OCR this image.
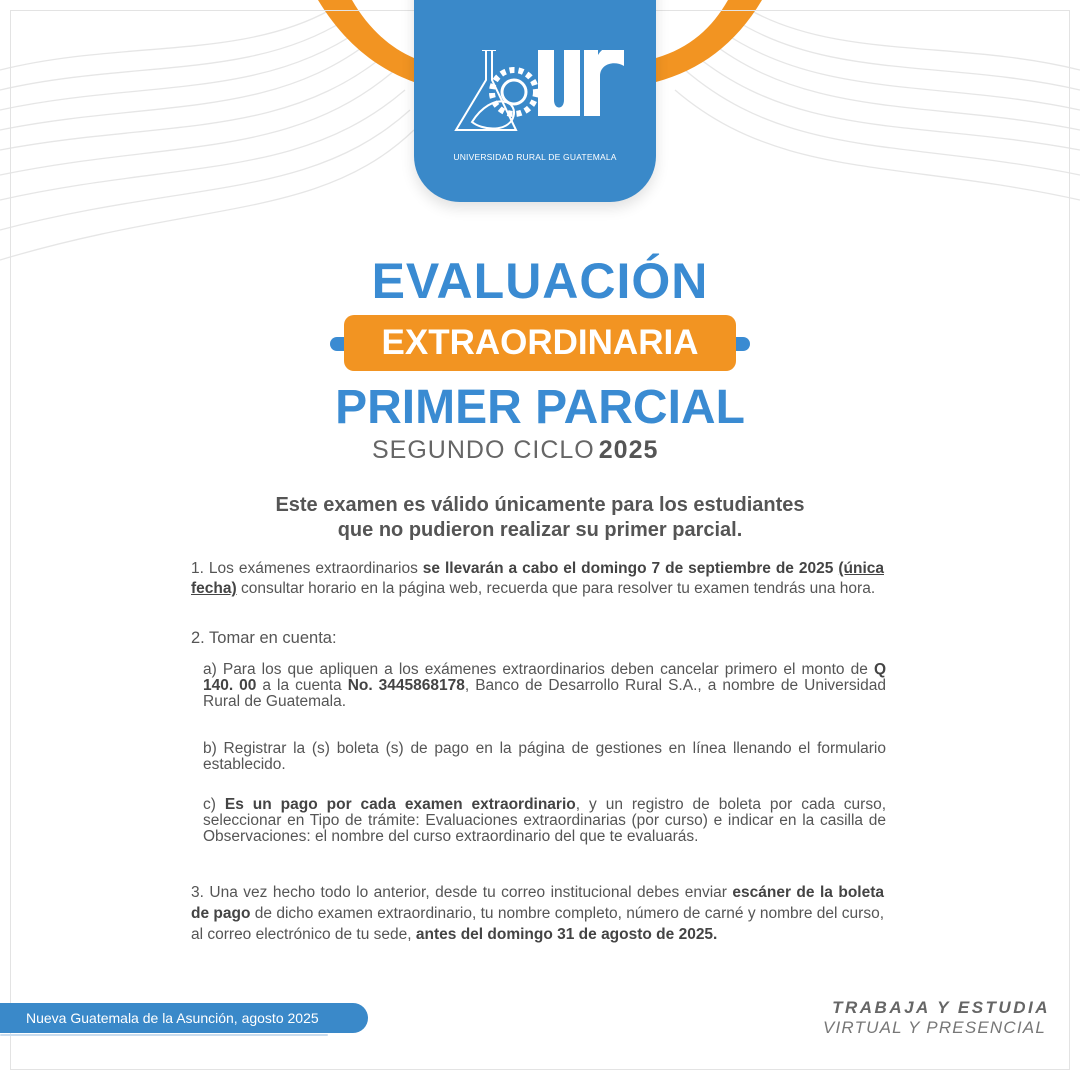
UNIVERSIDAD RURAL DE GUATEMALA
EVALUACIÓN
EXTRAORDINARIA
PRIMER PARCIAL
SEGUNDO CICLO 2025
Este examen es válido únicamente para los estudiantes
que no pudieron realizar su primer parcial.
1. Los exámenes extraordinarios se llevarán a cabo el domingo 7 de septiembre de 2025 (única fecha) consultar horario en la página web, recuerda que para resolver tu examen tendrás una hora.
2. Tomar en cuenta:
a) Para los que apliquen a los exámenes extraordinarios deben cancelar primero el monto de Q 140. 00 a la cuenta No. 3445868178, Banco de Desarrollo Rural S.A., a nombre de Universidad Rural de Guatemala.
b) Registrar la (s) boleta (s) de pago en la página de gestiones en línea llenando el formulario establecido.
c) Es un pago por cada examen extraordinario, y un registro de boleta por cada curso, seleccionar en Tipo de trámite: Evaluaciones extraordinarias (por curso) e indicar en la casilla de Observaciones: el nombre del curso extraordinario del que te evaluarás.
3. Una vez hecho todo lo anterior, desde tu correo institucional debes enviar escáner de la boleta de pago de dicho examen extraordinario, tu nombre completo, número de carné y nombre del curso, al correo electrónico de tu sede, antes del domingo 31 de agosto de 2025.
Nueva Guatemala de la Asunción, agosto 2025
TRABAJA Y ESTUDIA
VIRTUAL Y PRESENCIAL
